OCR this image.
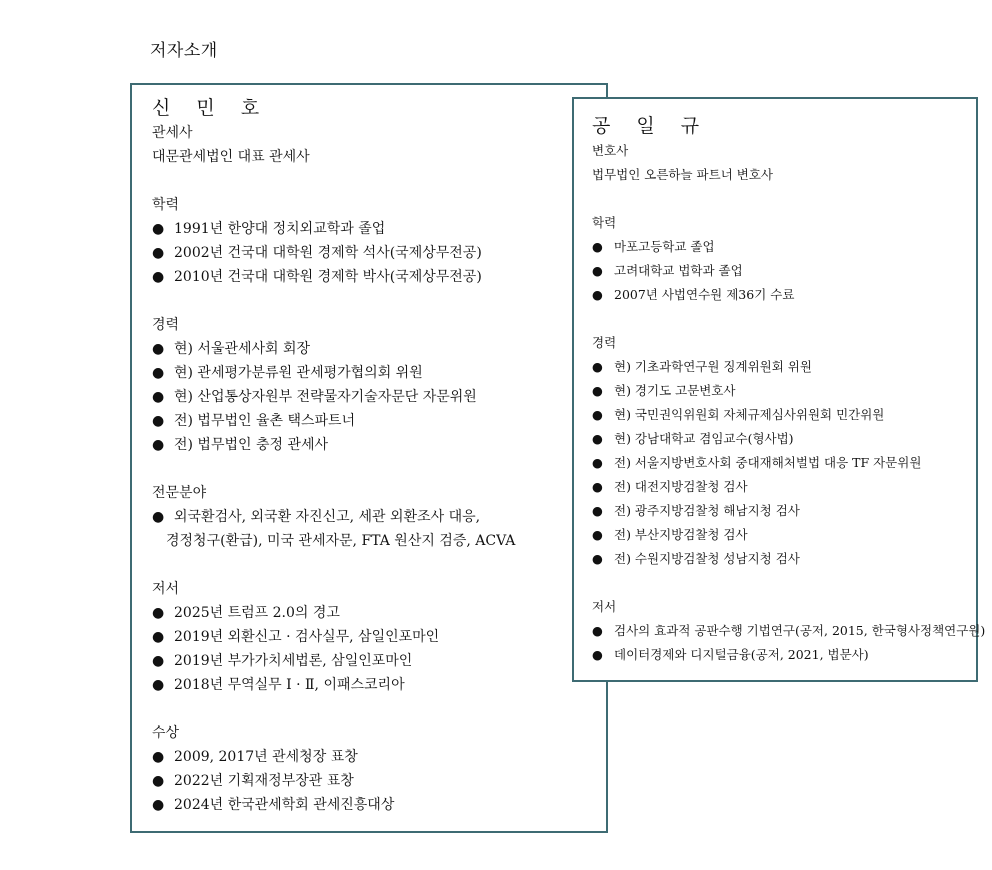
저자소개
신 민 호
관세사
대문관세법인 대표 관세사
학력
● 1991년 한양대 정치외교학과 졸업
● 2002년 건국대 대학원 경제학 석사(국제상무전공)
● 2010년 건국대 대학원 경제학 박사(국제상무전공)
경력
● 현) 서울관세사회 회장
● 현) 관세평가분류원 관세평가협의회 위원
● 현) 산업통상자원부 전략물자기술자문단 자문위원
● 전) 법무법인 율촌 택스파트너
● 전) 법무법인 충정 관세사
전문분야
● 외국환검사, 외국환 자진신고, 세관 외환조사 대응,
경정청구(환급), 미국 관세자문, FTA 원산지 검증, ACVA
저서
● 2025년 트럼프 2.0의 경고
● 2019년 외환신고 · 검사실무, 삼일인포마인
● 2019년 부가가치세법론, 삼일인포마인
● 2018년 무역실무 Ⅰ · Ⅱ, 이패스코리아
수상
● 2009, 2017년 관세청장 표창
● 2022년 기획재정부장관 표창
● 2024년 한국관세학회 관세진흥대상
공 일 규
변호사
법무법인 오른하늘 파트너 변호사
학력
● 마포고등학교 졸업
● 고려대학교 법학과 졸업
● 2007년 사법연수원 제36기 수료
경력
● 현) 기초과학연구원 징계위원회 위원
● 현) 경기도 고문변호사
● 현) 국민권익위원회 자체규제심사위원회 민간위원
● 현) 강남대학교 겸임교수(형사법)
● 전) 서울지방변호사회 중대재해처벌법 대응 TF 자문위원
● 전) 대전지방검찰청 검사
● 전) 광주지방검찰청 해남지청 검사
● 전) 부산지방검찰청 검사
● 전) 수원지방검찰청 성남지청 검사
저서
● 검사의 효과적 공판수행 기법연구(공저, 2015, 한국형사정책연구원)
● 데이터경제와 디지털금융(공저, 2021, 법문사)
